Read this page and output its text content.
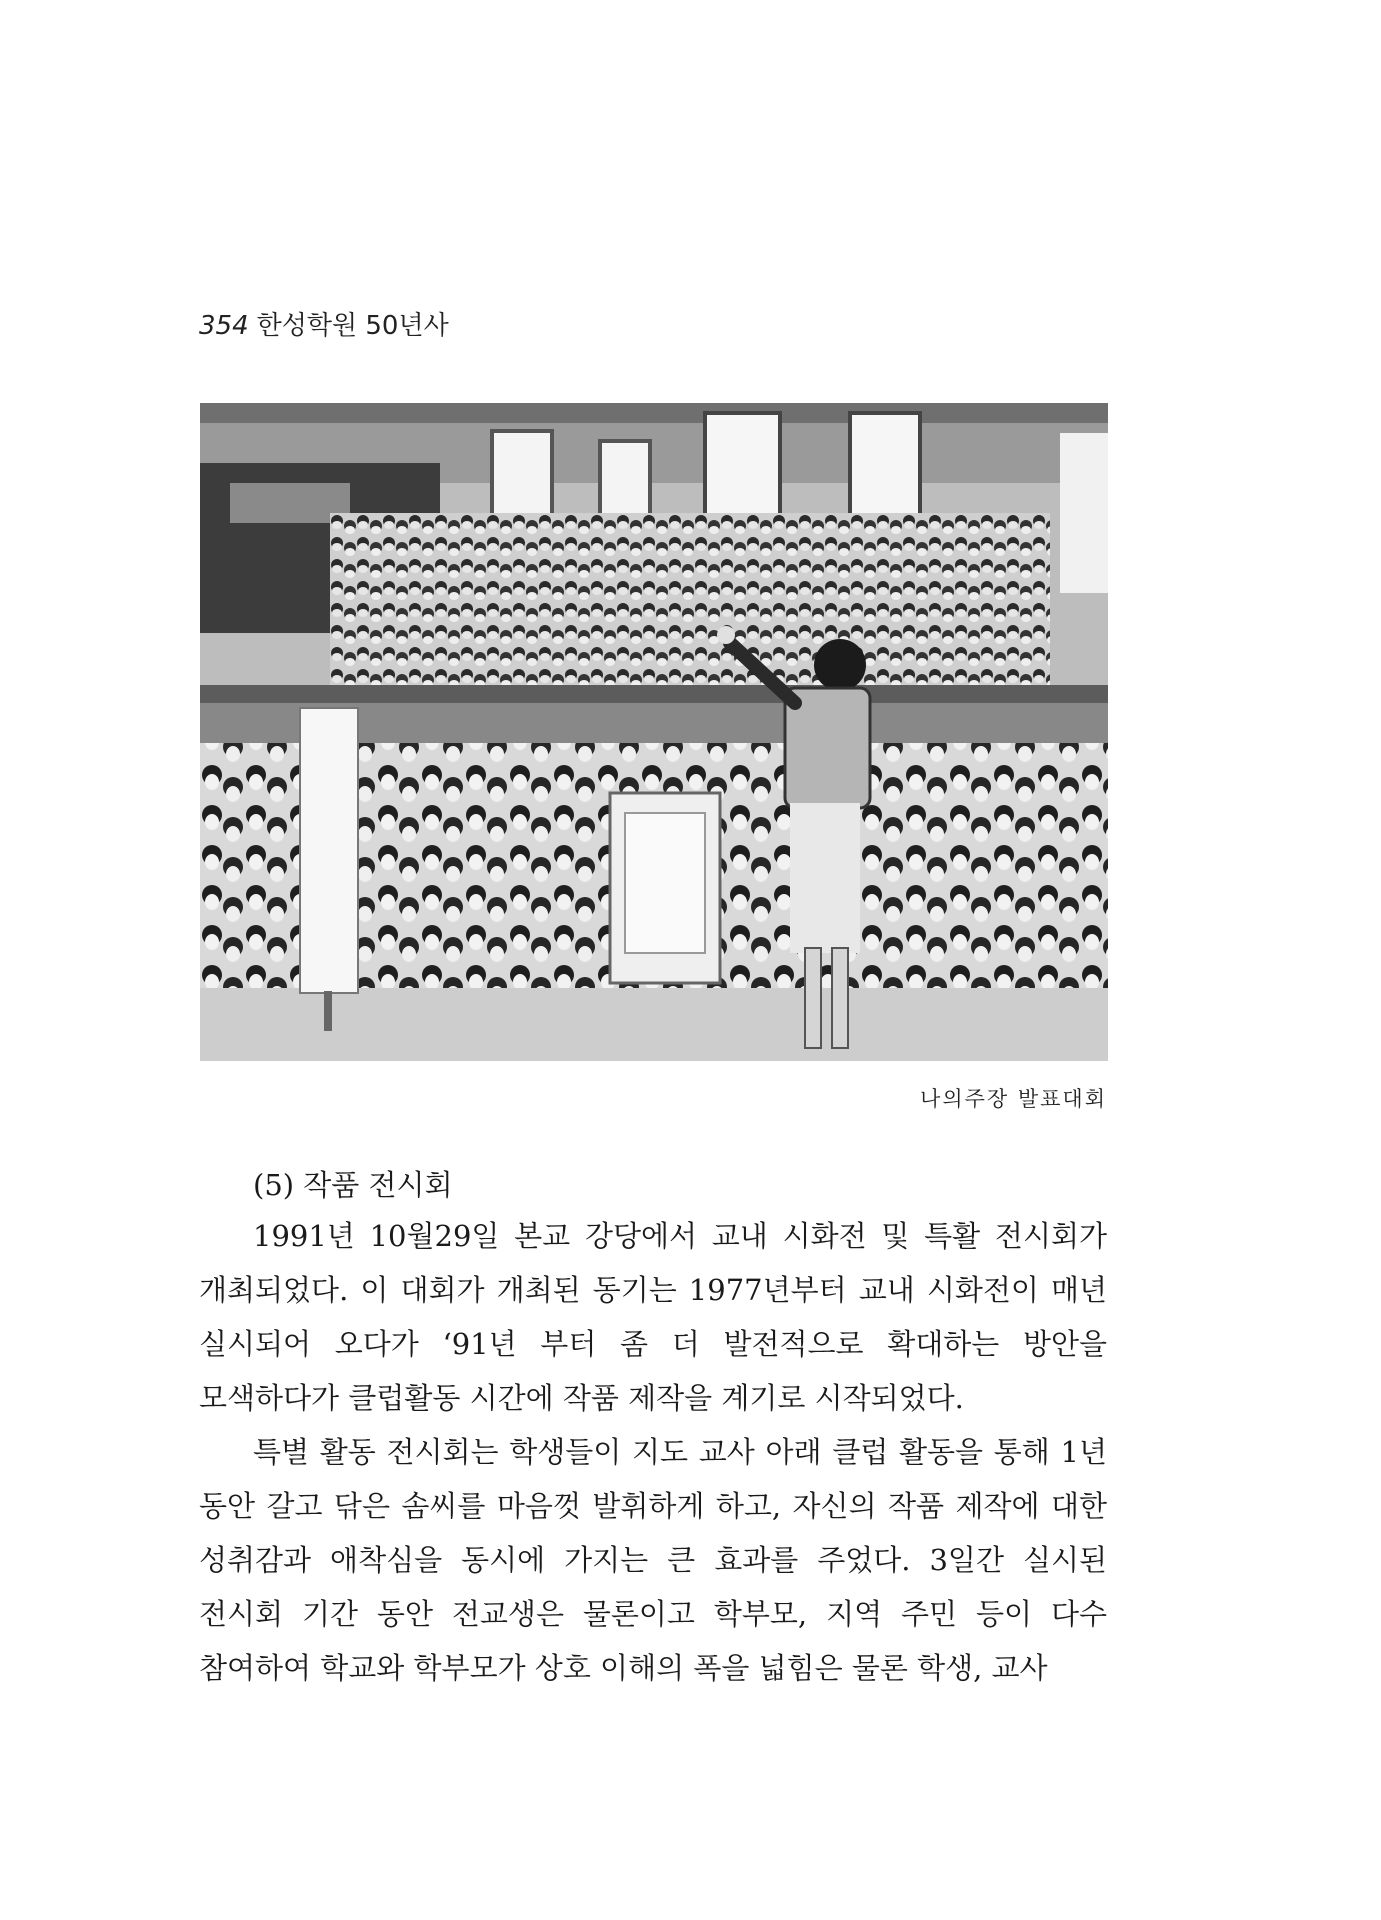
354 한성학원 50년사
나의주장 발표대회
(5) 작품 전시회

1991년 10월29일 본교 강당에서 교내 시화전 및 특활 전시회가 개최되었다. 이 대회가 개최된 동기는 1977년부터 교내 시화전이 매년 실시되어 오다가 ‘91년 부터 좀 더 발전적으로 확대하는 방안을 모색하다가 클럽활동 시간에 작품 제작을 계기로 시작되었다.

특별 활동 전시회는 학생들이 지도 교사 아래 클럽 활동을 통해 1년 동안 갈고 닦은 솜씨를 마음껏 발휘하게 하고, 자신의 작품 제작에 대한 성취감과 애착심을 동시에 가지는 큰 효과를 주었다. 3일간 실시된 전시회 기간 동안 전교생은 물론이고 학부모, 지역 주민 등이 다수 참여하여 학교와 학부모가 상호 이해의 폭을 넓힘은 물론 학생, 교사
